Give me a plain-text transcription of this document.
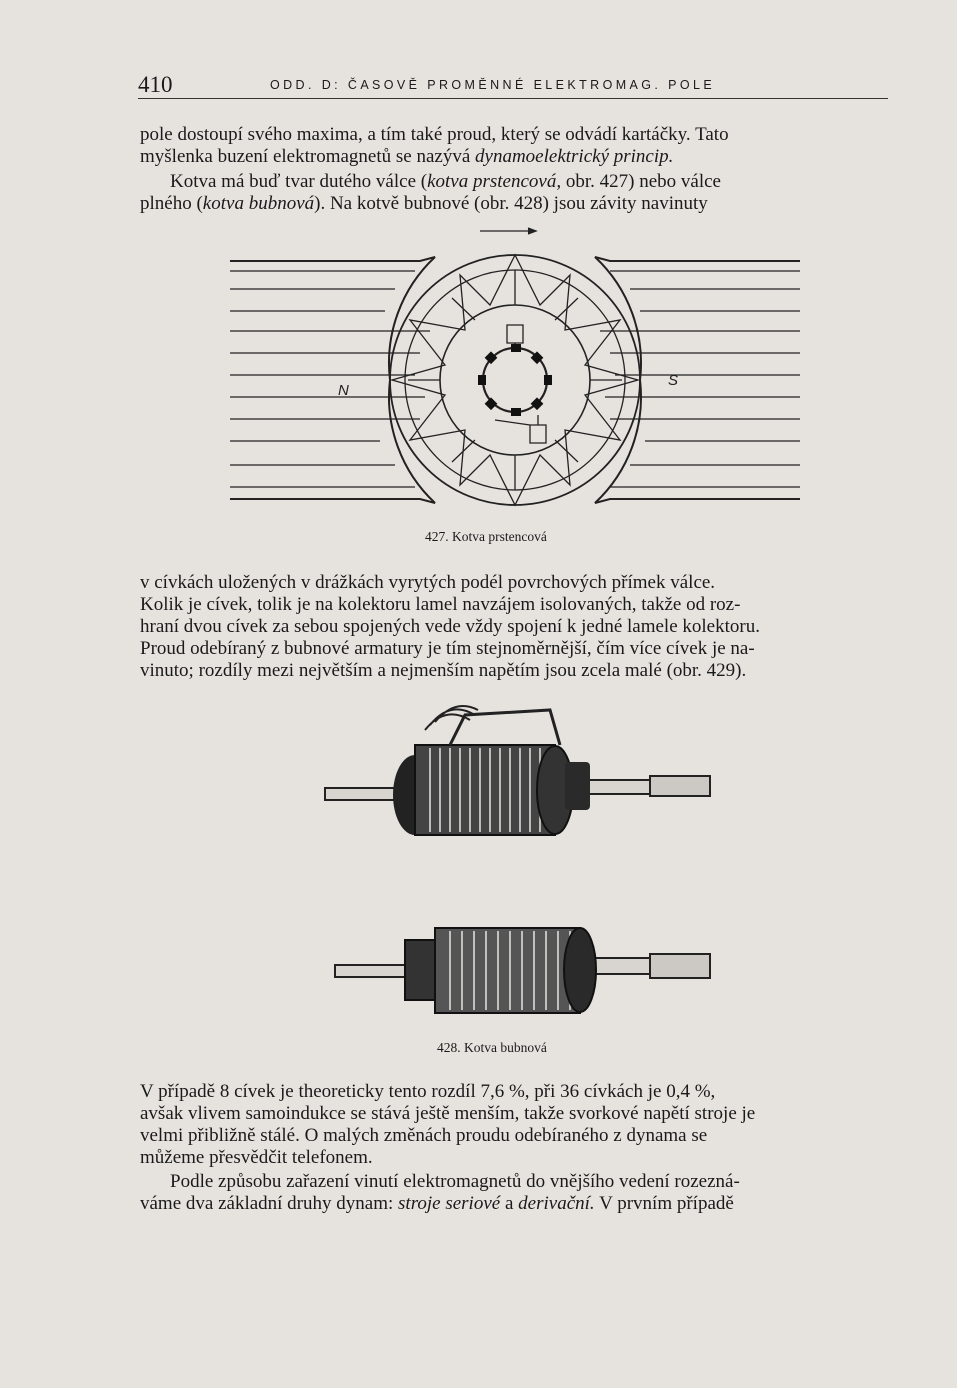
410	ODD. D: ČASOVĚ PROMĚNNÉ ELEKTROMAG. POLE
pole dostoupí svého maxima, a tím také proud, který se odvádí kartáčky. Tato
myšlenka buzení elektromagnetů se nazývá dynamoelektrický princip.
Kotva má buď tvar dutého válce (kotva prstencová, obr. 427) nebo válce
plného (kotva bubnová). Na kotvě bubnové (obr. 428) jsou závity navinuty
N
S
427. Kotva prstencová
v cívkách uložených v drážkách vyrytých podél povrchových přímek válce.
Kolik je cívek, tolik je na kolektoru lamel navzájem isolovaných, takže od roz-
hraní dvou cívek za sebou spojených vede vždy spojení k jedné lamele kolektoru.
Proud odebíraný z bubnové armatury je tím stejnoměrnější, čím více cívek je na-
vinuto; rozdíly mezi největším a nejmenším napětím jsou zcela malé (obr. 429).
428. Kotva bubnová
V případě 8 cívek je theoreticky tento rozdíl 7,6 %, při 36 cívkách je 0,4 %,
avšak vlivem samoindukce se stává ještě menším, takže svorkové napětí stroje je
velmi přibližně stálé. O malých změnách proudu odebíraného z dynama se
můžeme přesvědčit telefonem.
Podle způsobu zařazení vinutí elektromagnetů do vnějšího vedení rozezná-
váme dva základní druhy dynam: stroje seriové a derivační. V prvním případě
